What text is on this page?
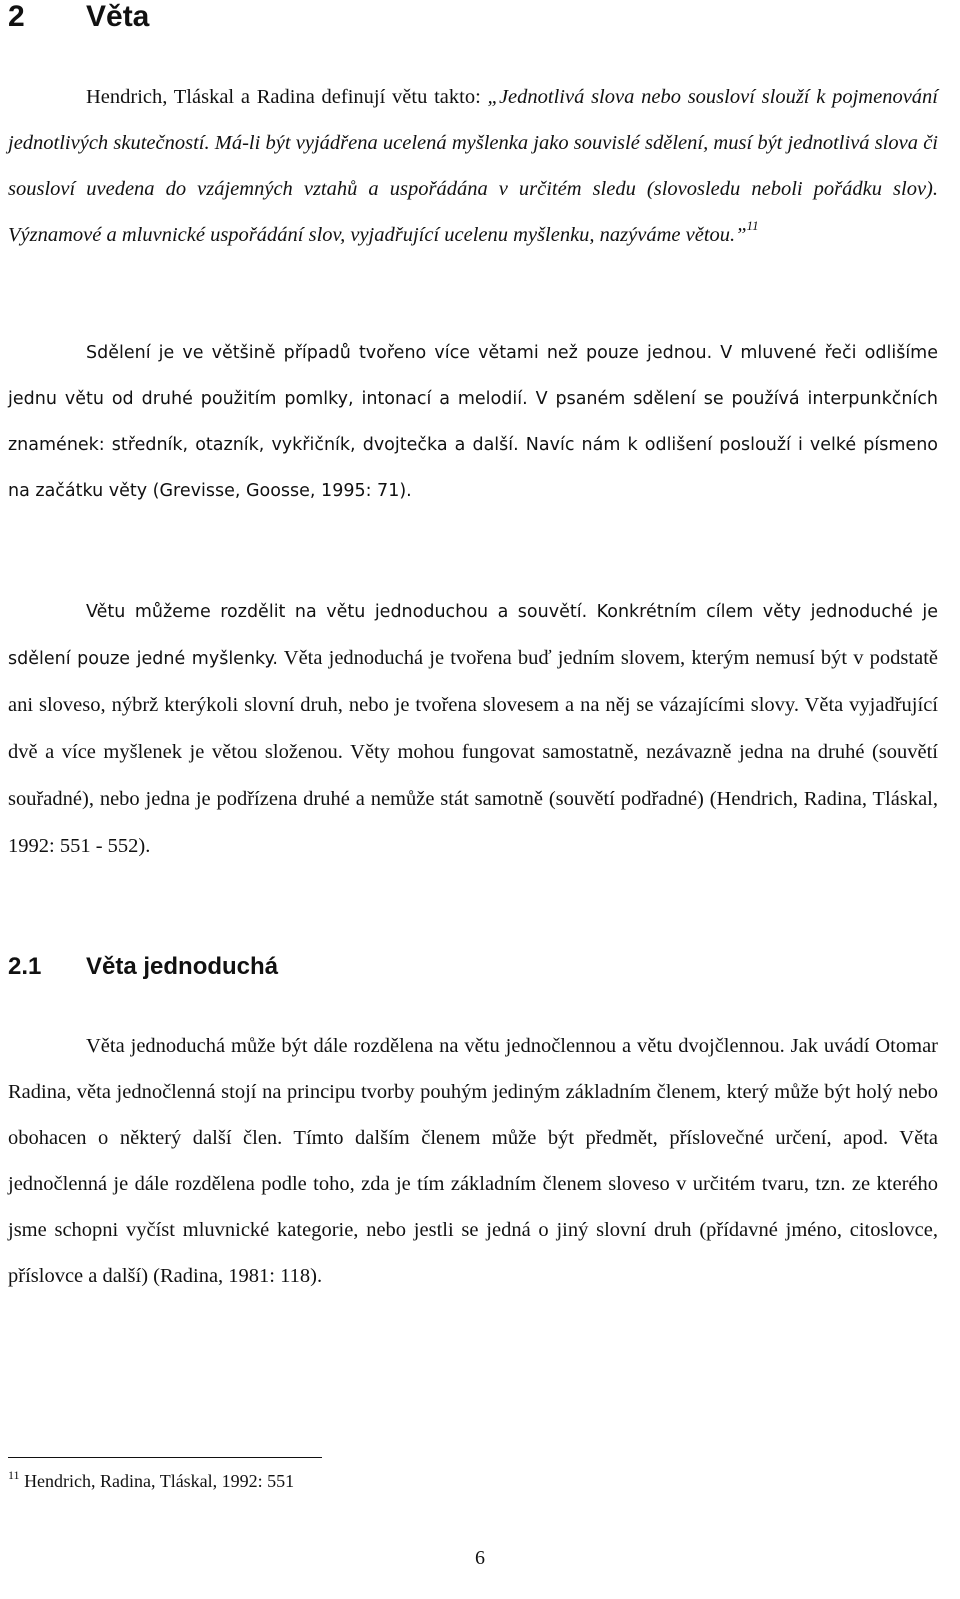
2 Věta

Hendrich, Tláskal a Radina definují větu takto: „Jednotlivá slova nebo sousloví slouží k pojmenování jednotlivých skutečností. Má-li být vyjádřena ucelená myšlenka jako souvislé sdělení, musí být jednotlivá slova či sousloví uvedena do vzájemných vztahů a uspořádána v určitém sledu (slovosledu neboli pořádku slov). Významové a mluvnické uspořádání slov, vyjadřující ucelenu myšlenku, nazýváme větou.”$^{11}$

Sdělení je ve většině případů tvořeno více větami než pouze jednou. V mluvené řeči odlišíme jednu větu od druhé použitím pomlky, intonací a melodií. V psaném sdělení se používá interpunkčních znamének: středník, otazník, vykřičník, dvojtečka a další. Navíc nám k odlišení poslouží i velké písmeno na začátku věty (Grevisse, Goosse, 1995: 71).

Větu můžeme rozdělit na větu jednoduchou a souvětí. Konkrétním cílem věty jednoduché je sdělení pouze jedné myšlenky. Věta jednoduchá je tvořena buď jedním slovem, kterým nemusí být v podstatě ani sloveso, nýbrž kterýkoli slovní druh, nebo je tvořena slovesem a na něj se vázajícími slovy. Věta vyjadřující dvě a více myšlenek je větou složenou. Věty mohou fungovat samostatně, nezávazně jedna na druhé (souvětí souřadné), nebo jedna je podřízena druhé a nemůže stát samotně (souvětí podřadné) (Hendrich, Radina, Tláskal, 1992: 551 - 552).

2.1 Věta jednoduchá

Věta jednoduchá může být dále rozdělena na větu jednočlennou a větu dvojčlennou. Jak uvádí Otomar Radina, věta jednočlenná stojí na principu tvorby pouhým jediným základním členem, který může být holý nebo obohacen o některý další člen. Tímto dalším členem může být předmět, příslovečné určení, apod. Věta jednočlenná je dále rozdělena podle toho, zda je tím základním členem sloveso v určitém tvaru, tzn. ze kterého jsme schopni vyčíst mluvnické kategorie, nebo jestli se jedná o jiný slovní druh (přídavné jméno, citoslovce, příslovce a další) (Radina, 1981: 118).

$^{11}$ Hendrich, Radina, Tláskal, 1992: 551
6
